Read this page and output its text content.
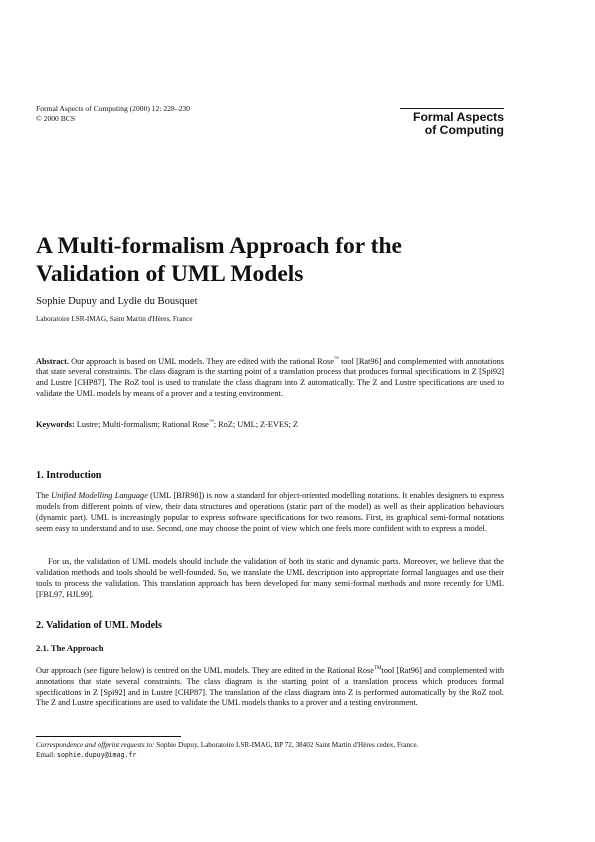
Formal Aspects of Computing (2000) 12: 228–230
© 2000 BCS	Formal Aspects
of Computing
A Multi-formalism Approach for the
Validation of UML Models
Sophie Dupuy and Lydie du Bousquet
Laboratoire LSR-IMAG, Saint Martin d'Hères, France

Abstract. Our approach is based on UML models. They are edited with the rational Rose™ tool [Rat96] and complemented with annotations that state several constraints. The class diagram is the starting point of a translation process that produces formal specifications in Z [Spi92] and Lustre [CHP87]. The RoZ tool is used to translate the class diagram into Z automatically. The Z and Lustre specifications are used to validate the UML models by means of a prover and a testing environment.

Keywords: Lustre; Multi-formalism; Rational Rose™; RoZ; UML; Z-EVES; Z

1. Introduction

The Unified Modelling Language (UML [BJR98]) is now a standard for object-oriented modelling notations. It enables designers to express models from different points of view, their data structures and operations (static part of the model) as well as their application behaviours (dynamic part). UML is increasingly popular to express software specifications for two reasons. First, its graphical semi-formal notations seem easy to understand and to use. Second, one may choose the point of view which one feels more confident with to express a model.

For us, the validation of UML models should include the validation of both its static and dynamic parts. Moreover, we believe that the validation methods and tools should be well-founded. So, we translate the UML description into appropriate formal languages and use their tools to process the validation. This translation approach has been developed for many semi-formal methods and more recently for UML [FBL97, HJL99].

2. Validation of UML Models
2.1. The Approach

Our approach (see figure below) is centred on the UML models. They are edited in the Rational Rose™tool [Rat96] and complemented with annotations that state several constraints. The class diagram is the starting point of a translation process which produces formal specifications in Z [Spi92] and in Lustre [CHP87]. The translation of the class diagram into Z is performed automatically by the RoZ tool. The Z and Lustre specifications are used to validate the UML models thanks to a prover and a testing environment.

Correspondence and offprint requests to: Sophie Dupuy, Laboratoire LSR-IMAG, BP 72, 38402 Saint Martin d'Hères cedex, France.
Email: sophie.dupuy@imag.fr
